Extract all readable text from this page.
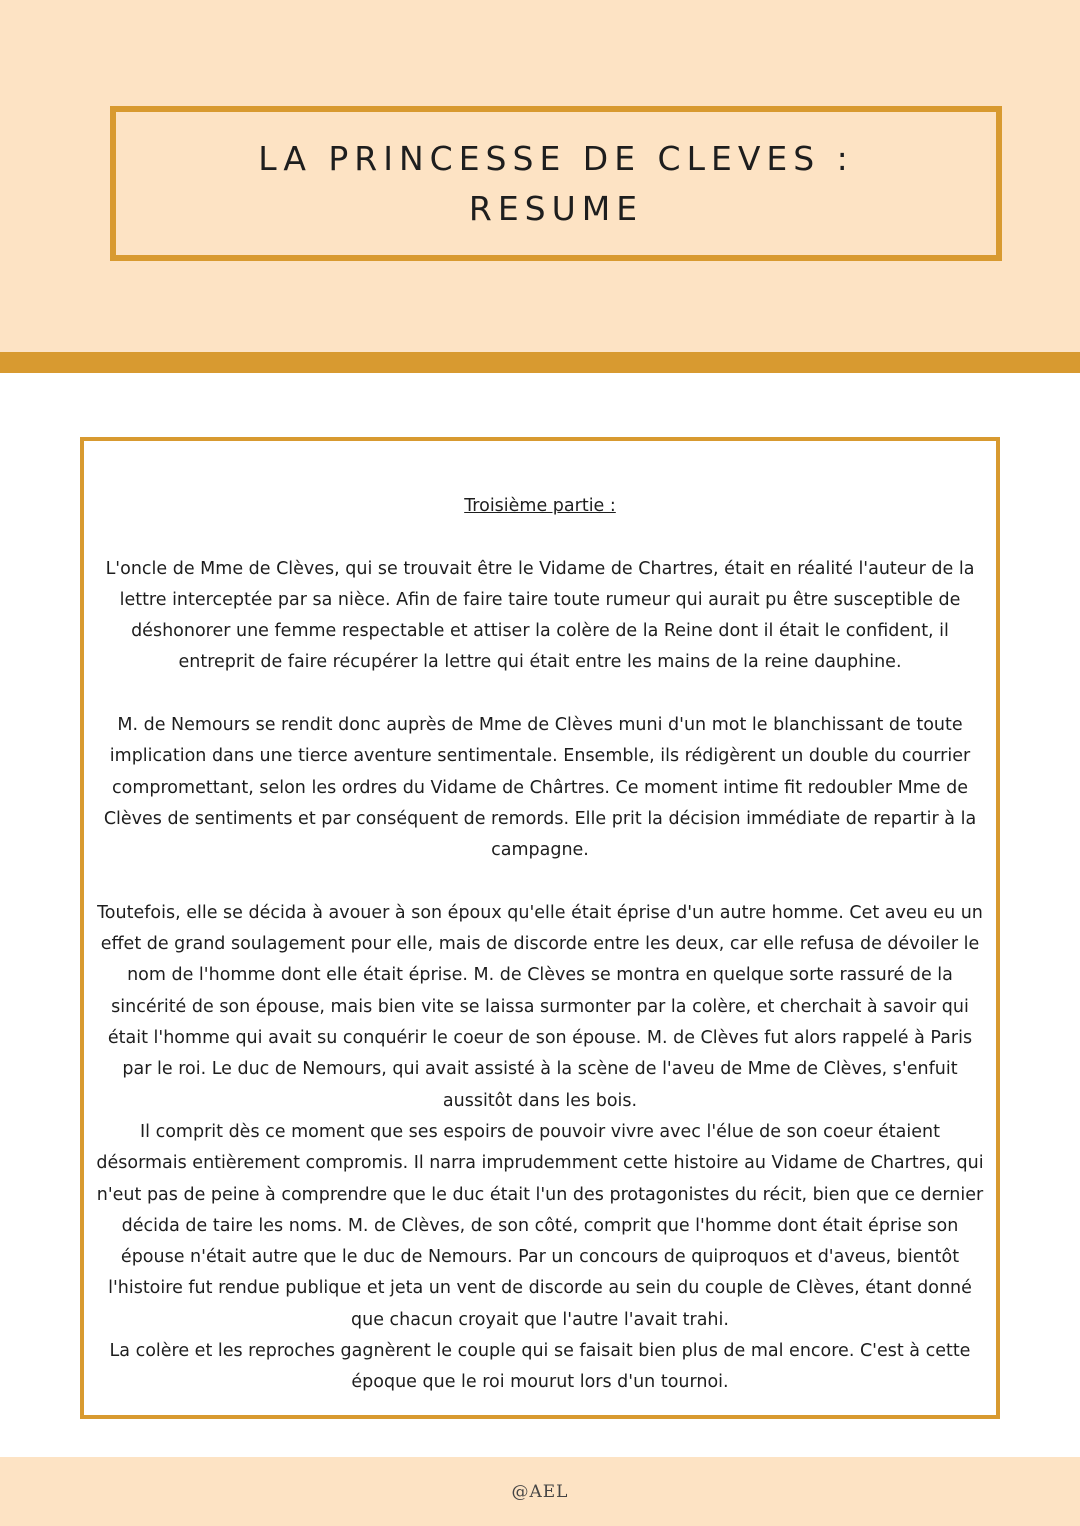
LA PRINCESSE DE CLEVES :
RESUME

Troisième partie :

L'oncle de Mme de Clèves, qui se trouvait être le Vidame de Chartres, était en réalité l'auteur de la lettre interceptée par sa nièce. Afin de faire taire toute rumeur qui aurait pu être susceptible de déshonorer une femme respectable et attiser la colère de la Reine dont il était le confident, il entreprit de faire récupérer la lettre qui était entre les mains de la reine dauphine.

M. de Nemours se rendit donc auprès de Mme de Clèves muni d'un mot le blanchissant de toute implication dans une tierce aventure sentimentale. Ensemble, ils rédigèrent un double du courrier compromettant, selon les ordres du Vidame de Chârtres. Ce moment intime fit redoubler Mme de Clèves de sentiments et par conséquent de remords. Elle prit la décision immédiate de repartir à la campagne.

Toutefois, elle se décida à avouer à son époux qu'elle était éprise d'un autre homme. Cet aveu eu un effet de grand soulagement pour elle, mais de discorde entre les deux, car elle refusa de dévoiler le nom de l'homme dont elle était éprise. M. de Clèves se montra en quelque sorte rassuré de la sincérité de son épouse, mais bien vite se laissa surmonter par la colère, et cherchait à savoir qui était l'homme qui avait su conquérir le coeur de son épouse. M. de Clèves fut alors rappelé à Paris par le roi. Le duc de Nemours, qui avait assisté à la scène de l'aveu de Mme de Clèves, s'enfuit aussitôt dans les bois.

Il comprit dès ce moment que ses espoirs de pouvoir vivre avec l'élue de son coeur étaient désormais entièrement compromis. Il narra imprudemment cette histoire au Vidame de Chartres, qui n'eut pas de peine à comprendre que le duc était l'un des protagonistes du récit, bien que ce dernier décida de taire les noms. M. de Clèves, de son côté, comprit que l'homme dont était éprise son épouse n'était autre que le duc de Nemours. Par un concours de quiproquos et d'aveus, bientôt l'histoire fut rendue publique et jeta un vent de discorde au sein du couple de Clèves, étant donné que chacun croyait que l'autre l'avait trahi.

La colère et les reproches gagnèrent le couple qui se faisait bien plus de mal encore. C'est à cette époque que le roi mourut lors d'un tournoi.

@AEL
